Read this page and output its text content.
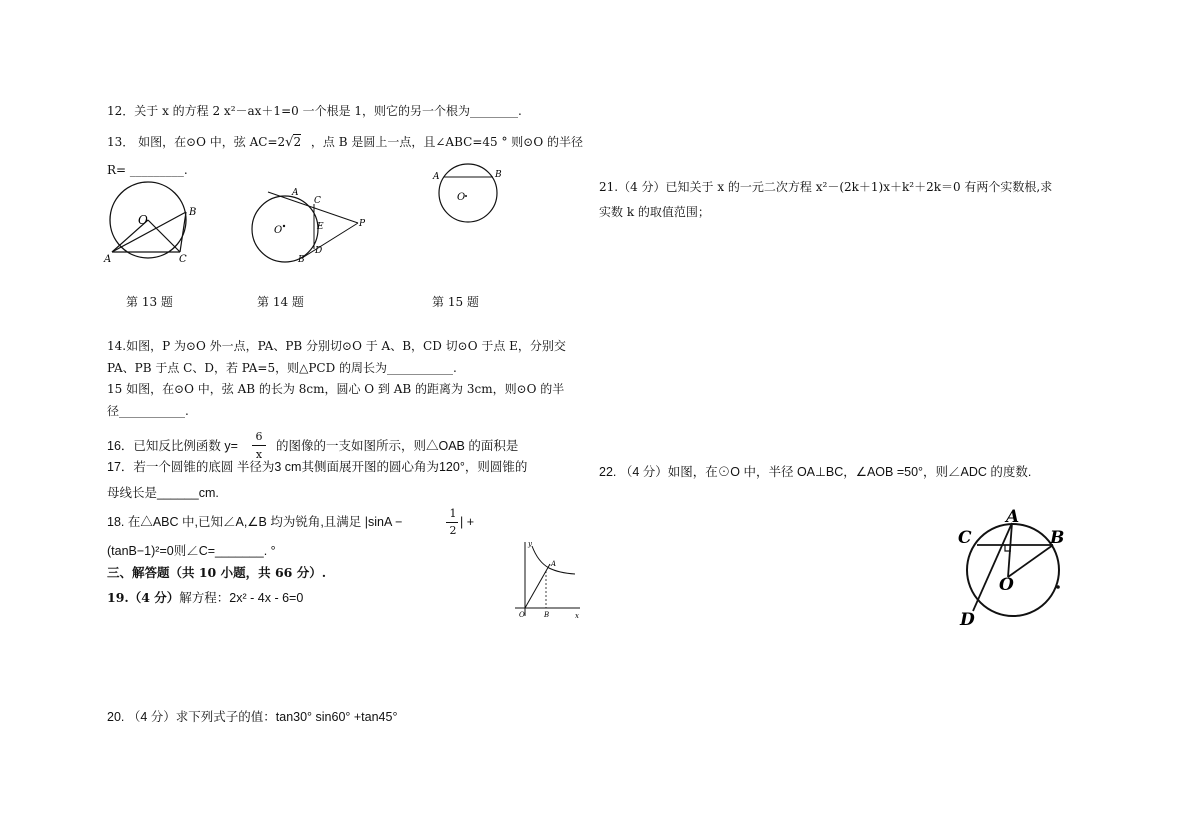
12．关于 x 的方程 2 x²－ax＋1=0 一个根是 1，则它的另一个根为________.
13． 如图，在⊙O 中，弦 AC=2√2 ，点 B 是圆上一点，且∠ABC=45 ° 则⊙O 的半径
R= _________.
O
B
A	C
O
A
C
E
D
B
P
O
A	B
第 13 题	第 14 题	第 15 题
14.如图，P 为⊙O 外一点，PA、PB 分别切⊙O 于 A、B，CD 切⊙O 于点 E，分别交
PA、PB 于点 C、D，若 PA=5，则△PCD 的周长为___________.
15 如图，在⊙O 中，弦 AB 的长为 8cm，圆心 O 到 AB 的距离为 3cm，则⊙O 的半
径___________.
16．已知反比例函数 y=
6
x
的图像的一支如图所示，则△OAB 的面积是
17．若一个圆锥的底圆 半径为3 cm其侧面展开图的圆心角为120°，则圆锥的
母线长是______cm.
18. 在△ABC 中,已知∠A,∠B 均为锐角,且满足 |sinA −
1
2
| +
(tanB−1)²=0则∠C=_______. °	y
x
O
A
B
三、解答题（共 10 小题，共 66 分）.
19.（4 分）解方程：2x² - 4x - 6=0
20. （4 分）求下列式子的值：tan30° sin60° +tan45°
21.（4 分）已知关于 x 的一元二次方程 x²－(2k＋1)x＋k²＋2k＝0 有两个实数根,求
实数 k 的取值范围；
22. （4 分）如图，在⊙O 中，半径 OA⊥BC，∠AOB =50°，则∠ADC 的度数.
A
B
C
D
O
